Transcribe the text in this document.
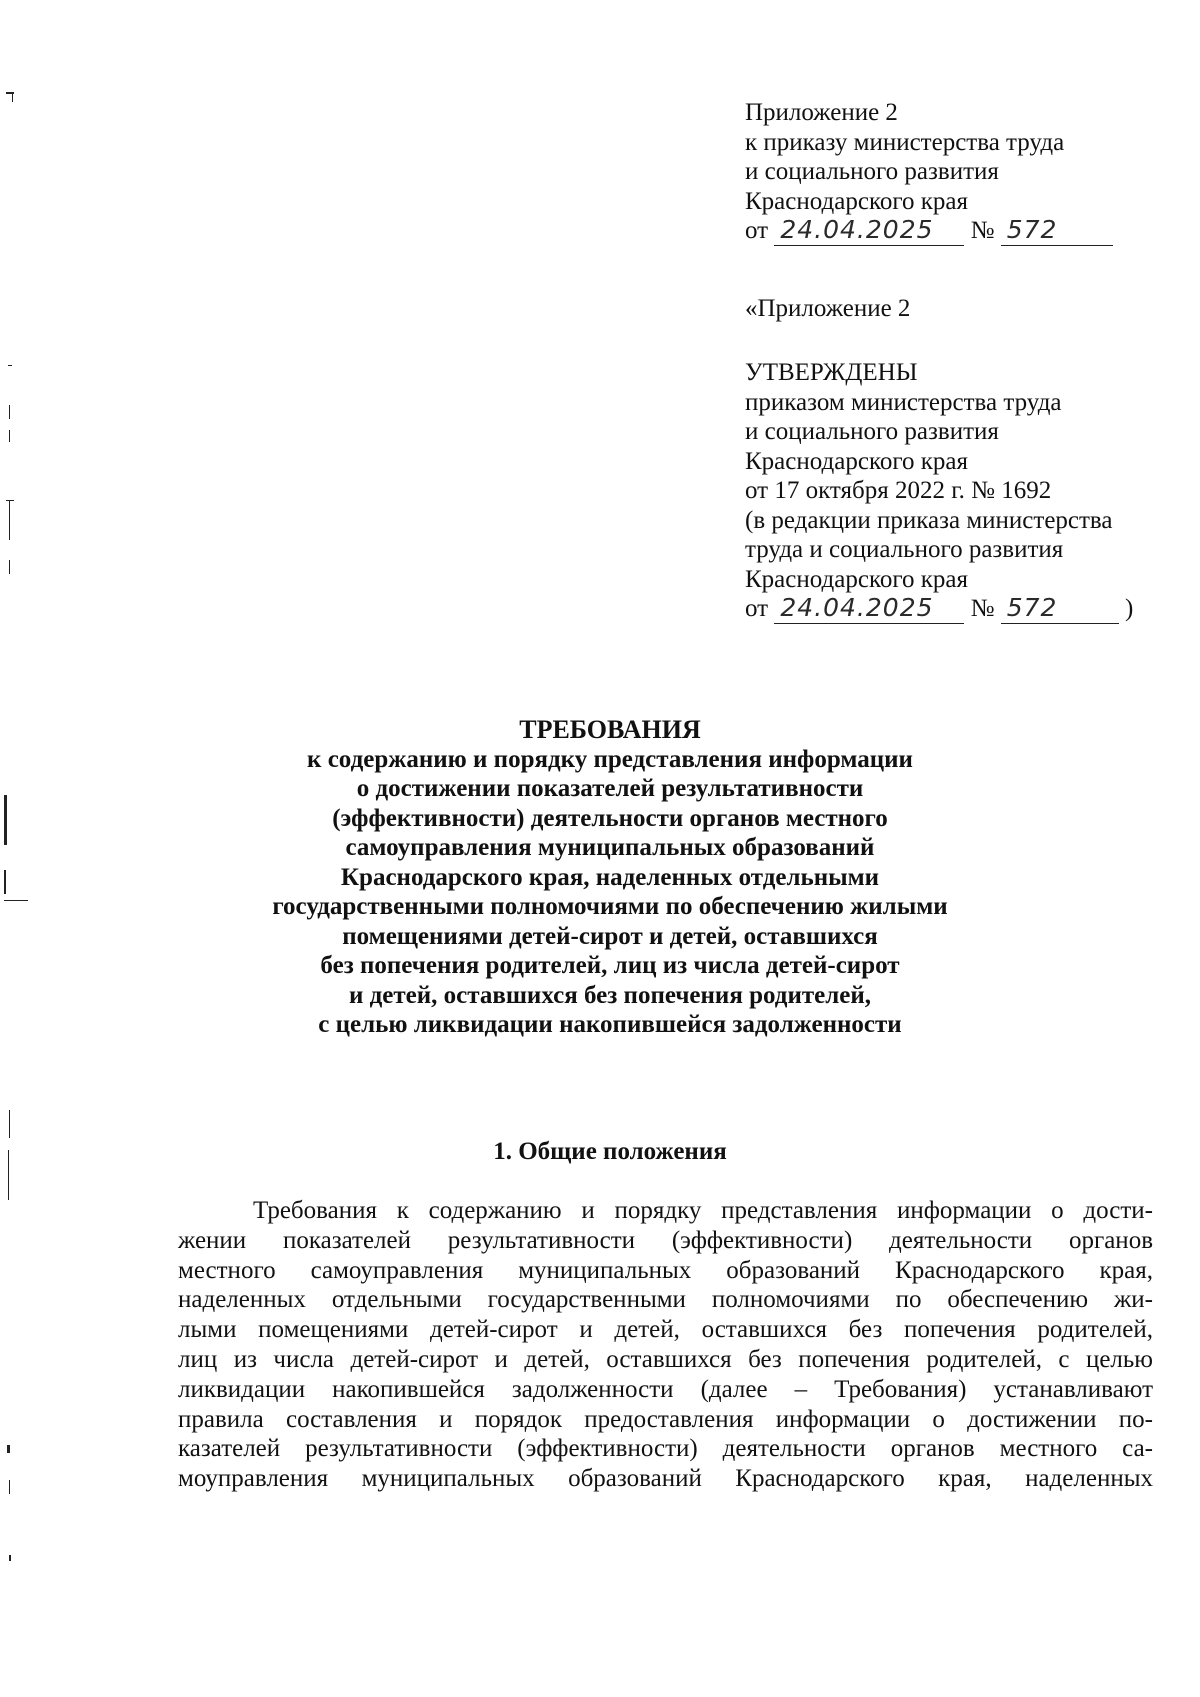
Приложение 2
к приказу министерства труда
и социального развития
Краснодарского края
от 24.04.2025 № 572
«Приложение 2
УТВЕРЖДЕНЫ
приказом министерства труда
и социального развития
Краснодарского края
от 17 октября 2022 г. № 1692
(в редакции приказа министерства
труда и социального развития
Краснодарского края
от 24.04.2025 № 572	)
ТРЕБОВАНИЯ
к содержанию и порядку представления информации
о достижении показателей результативности
(эффективности) деятельности органов местного
самоуправления муниципальных образований
Краснодарского края, наделенных отдельными
государственными полномочиями по обеспечению жилыми
помещениями детей-сирот и детей, оставшихся
без попечения родителей, лиц из числа детей-сирот
и детей, оставшихся без попечения родителей,
с целью ликвидации накопившейся задолженности
1. Общие положения
Требования к содержанию и порядку представления информации о дости-
жении показателей результативности (эффективности) деятельности органов
местного самоуправления муниципальных образований Краснодарского края,
наделенных отдельными государственными полномочиями по обеспечению жи-
лыми помещениями детей-сирот и детей, оставшихся без попечения родителей,
лиц из числа детей-сирот и детей, оставшихся без попечения родителей, с целью
ликвидации накопившейся задолженности (далее – Требования) устанавливают
правила составления и порядок предоставления информации о достижении по-
казателей результативности (эффективности) деятельности органов местного са-
моуправления муниципальных образований Краснодарского края, наделенных
